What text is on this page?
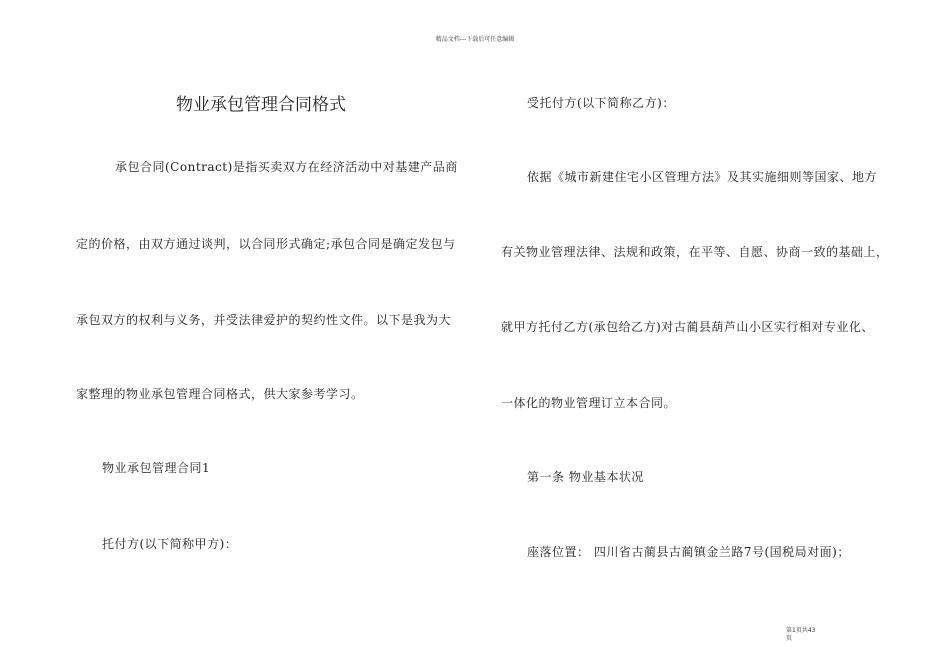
精品文档---下载后可任意编辑
物业承包管理合同格式
承包合同(Contract)是指买卖双方在经济活动中对基建产品商
定的价格，由双方通过谈判，以合同形式确定;承包合同是确定发包与
承包双方的权利与义务，并受法律爱护的契约性文件。以下是我为大
家整理的物业承包管理合同格式，供大家参考学习。
物业承包管理合同1
托付方(以下简称甲方)：
受托付方(以下简称乙方)：
依据《城市新建住宅小区管理方法》及其实施细则等国家、地方
有关物业管理法律、法规和政策，在平等、自愿、协商一致的基础上，
就甲方托付乙方(承包给乙方)对古蔺县葫芦山小区实行相对专业化、
一体化的物业管理订立本合同。
第一条 物业基本状况
座落位置： 四川省古蔺县古蔺镇金兰路7号(国税局对面)；
第1页共43
页
